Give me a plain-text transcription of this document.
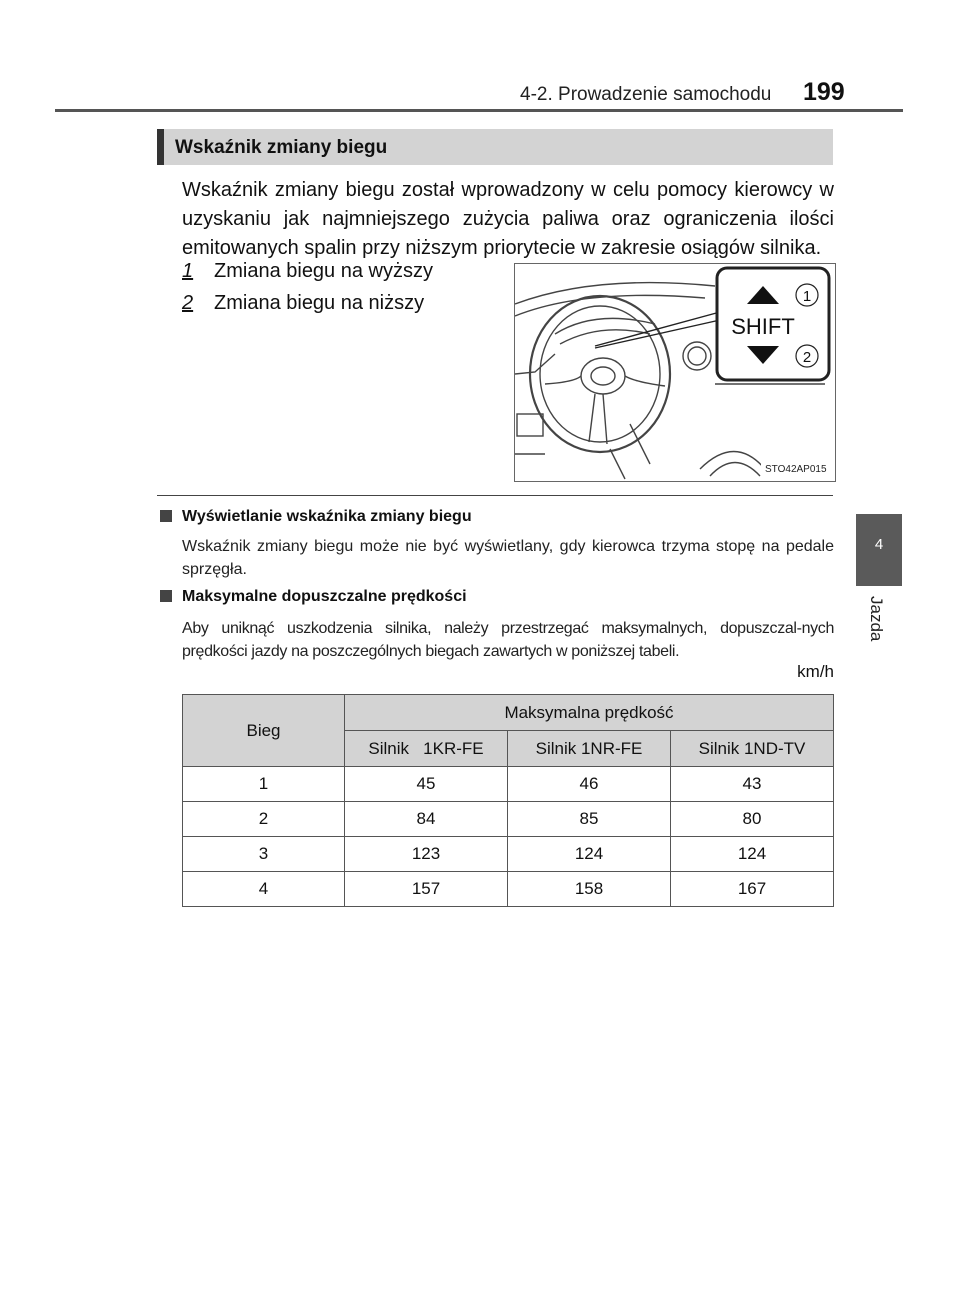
4-2. Prowadzenie samochodu 199
4
Jazda
Wskaźnik zmiany biegu
Wskaźnik zmiany biegu został wprowadzony w celu pomocy kierowcy w uzyskaniu jak najmniejszego zużycia paliwa oraz ograniczenia ilości emitowanych spalin przy niższym priorytecie w zakresie osiągów silnika.
1 Zmiana biegu na wyższy
2 Zmiana biegu na niższy
SHIFT
1
2
STO42AP015
Wyświetlanie wskaźnika zmiany biegu
Wskaźnik zmiany biegu może nie być wyświetlany, gdy kierowca trzyma stopę na pedale sprzęgła.
Maksymalne dopuszczalne prędkości
Aby uniknąć uszkodzenia silnika, należy przestrzegać maksymalnych, dopuszczal-nych prędkości jazdy na poszczególnych biegach zawartych w poniższej tabeli.
km/h
Bieg	Maksymalna prędkość		
	Silnik   1KR-FE	Silnik 1NR-FE	Silnik 1ND-TV
1	45	46	43
2	84	85	80
3	123	124	124
4	157	158	167
